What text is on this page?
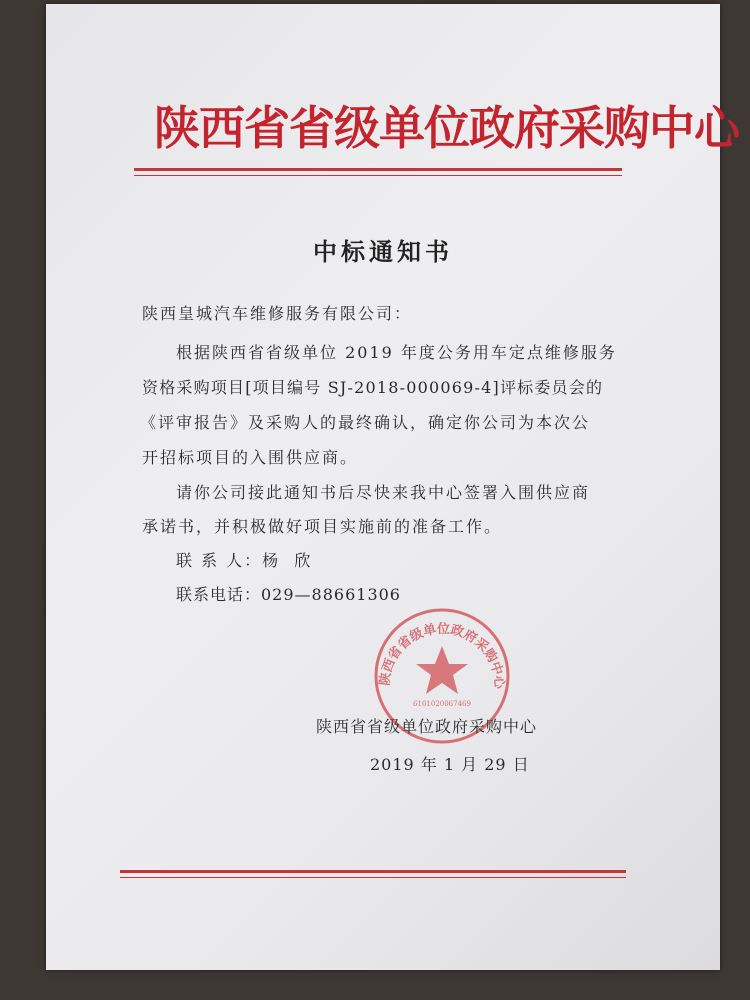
陕西省省级单位政府采购中心
中标通知书
陕西皇城汽车维修服务有限公司：
根据陕西省省级单位 2019 年度公务用车定点维修服务
资格采购项目[项目编号 SJ-2018-000069-4]评标委员会的
《评审报告》及采购人的最终确认，确定你公司为本次公
开招标项目的入围供应商。
请你公司接此通知书后尽快来我中心签署入围供应商
承诺书，并积极做好项目实施前的准备工作。
联 系 人：杨  欣
联系电话：029—88661306
陕西省省级单位政府采购中心
6101020067469
陕西省省级单位政府采购中心
2019 年 1 月 29 日
